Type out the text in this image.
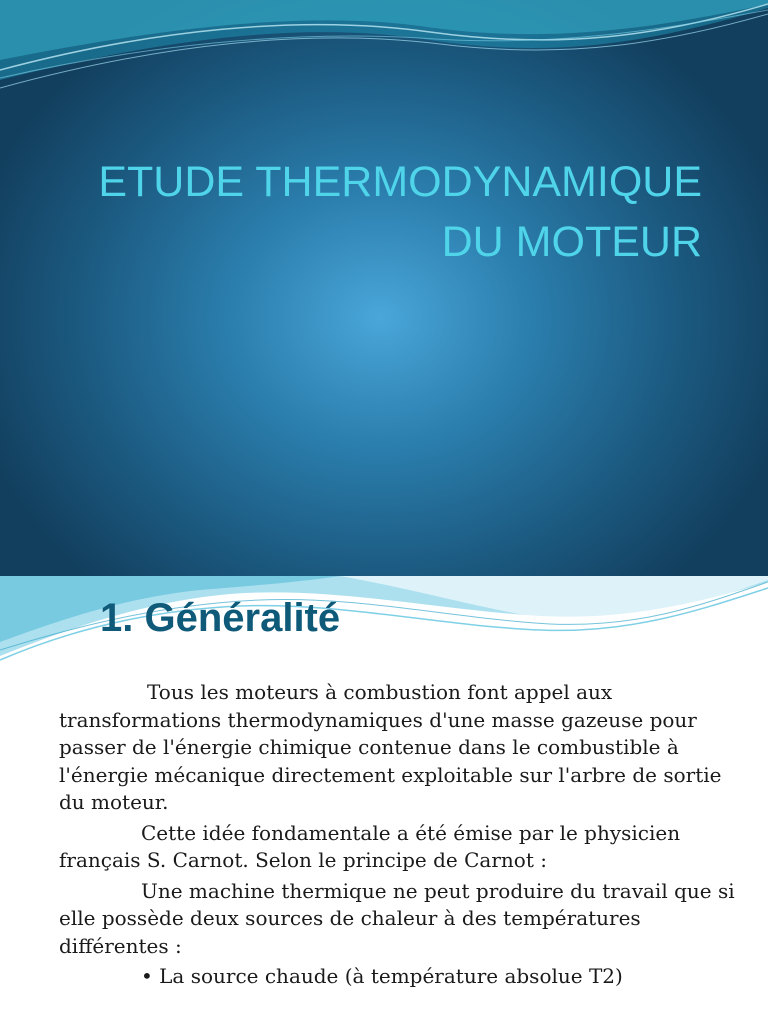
ETUDE THERMODYNAMIQUE
DU MOTEUR
1. Généralité

Tous les moteurs à combustion font appel aux transformations thermodynamiques d'une masse gazeuse pour passer de l'énergie chimique contenue dans le combustible à l'énergie mécanique directement exploitable sur l'arbre de sortie du moteur.

Cette idée fondamentale a été émise par le physicien français S. Carnot. Selon le principe de Carnot :

Une machine thermique ne peut produire du travail que si elle possède deux sources de chaleur à des températures différentes :

• La source chaude (à température absolue T2)
